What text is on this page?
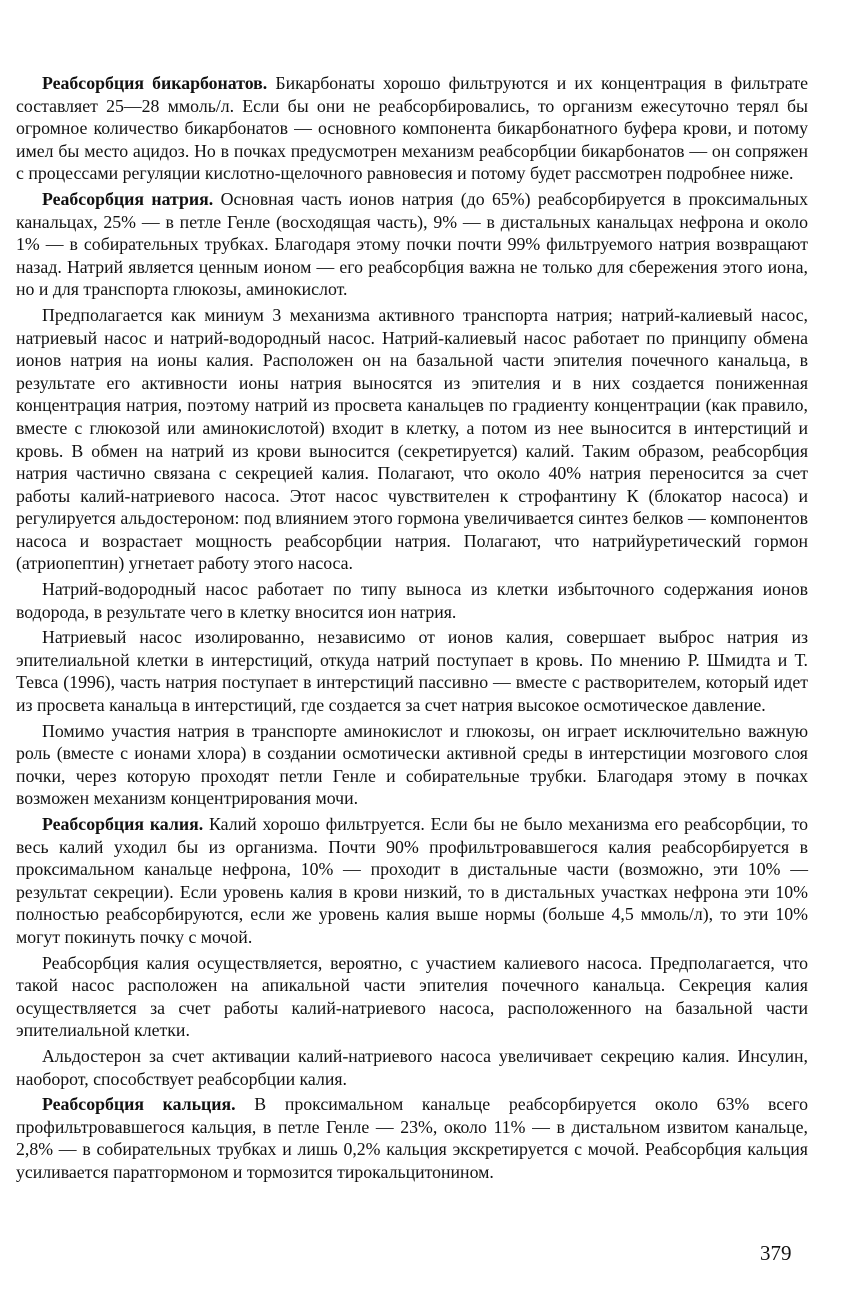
Реабсорбция бикарбонатов. Бикарбонаты хорошо фильтруются и их концентрация в фильтрате составляет 25—28 ммоль/л. Если бы они не реабсорбировались, то организм ежесуточно терял бы огромное количество бикарбонатов — основного компонента бикарбонатного буфера крови, и потому имел бы место ацидоз. Но в почках предусмотрен механизм реабсорбции бикарбонатов — он сопряжен с процессами регуляции кислотно-щелочного равновесия и потому будет рассмотрен подробнее ниже.

Реабсорбция натрия. Основная часть ионов натрия (до 65%) реабсорбируется в проксимальных канальцах, 25% — в петле Генле (восходящая часть), 9% — в дистальных канальцах нефрона и около 1% — в собирательных трубках. Благодаря этому почки почти 99% фильтруемого натрия возвращают назад. Натрий является ценным ионом — его реабсорбция важна не только для сбережения этого иона, но и для транспорта глюкозы, аминокислот.

Предполагается как миниум 3 механизма активного транспорта натрия; натрий-калиевый насос, натриевый насос и натрий-водородный насос. Натрий-калиевый насос работает по принципу обмена ионов натрия на ионы калия. Расположен он на базальной части эпителия почечного канальца, в результате его активности ионы натрия выносятся из эпителия и в них создается пониженная концентрация натрия, поэтому натрий из просвета канальцев по градиенту концентрации (как правило, вместе с глюкозой или аминокислотой) входит в клетку, а потом из нее выносится в интерстиций и кровь. В обмен на натрий из крови выносится (секретируется) калий. Таким образом, реабсорбция натрия частично связана с секрецией калия. Полагают, что около 40% натрия переносится за счет работы калий-натриевого насоса. Этот насос чувствителен к строфантину К (блокатор насоса) и регулируется альдостероном: под влиянием этого гормона увеличивается синтез белков — компонентов насоса и возрастает мощность реабсорбции натрия. Полагают, что натрийуретический гормон (атриопептин) угнетает работу этого насоса.

Натрий-водородный насос работает по типу выноса из клетки избыточного содержания ионов водорода, в результате чего в клетку вносится ион натрия.

Натриевый насос изолированно, независимо от ионов калия, совершает выброс натрия из эпителиальной клетки в интерстиций, откуда натрий поступает в кровь. По мнению Р. Шмидта и Т. Тевса (1996), часть натрия поступает в интерстиций пассивно — вместе с растворителем, который идет из просвета канальца в интерстиций, где создается за счет натрия высокое осмотическое давление.

Помимо участия натрия в транспорте аминокислот и глюкозы, он играет исключительно важную роль (вместе с ионами хлора) в создании осмотически активной среды в интерстиции мозгового слоя почки, через которую проходят петли Генле и собирательные трубки. Благодаря этому в почках возможен механизм концентрирования мочи.

Реабсорбция калия. Калий хорошо фильтруется. Если бы не было механизма его реабсорбции, то весь калий уходил бы из организма. Почти 90% профильтровавшегося калия реабсорбируется в проксимальном канальце нефрона, 10% — проходит в дистальные части (возможно, эти 10% — результат секреции). Если уровень калия в крови низкий, то в дистальных участках нефрона эти 10% полностью реабсорбируются, если же уровень калия выше нормы (больше 4,5 ммоль/л), то эти 10% могут покинуть почку с мочой.

Реабсорбция калия осуществляется, вероятно, с участием калиевого насоса. Предполагается, что такой насос расположен на апикальной части эпителия почечного канальца. Секреция калия осуществляется за счет работы калий-натриевого насоса, расположенного на базальной части эпителиальной клетки.

Альдостерон за счет активации калий-натриевого насоса увеличивает секрецию калия. Инсулин, наоборот, способствует реабсорбции калия.

Реабсорбция кальция. В проксимальном канальце реабсорбируется около 63% всего профильтровавшегося кальция, в петле Генле — 23%, около 11% — в дистальном извитом канальце, 2,8% — в собирательных трубках и лишь 0,2% кальция экскретируется с мочой. Реабсорбция кальция усиливается паратгормоном и тормозится тирокальцитонином.

379
